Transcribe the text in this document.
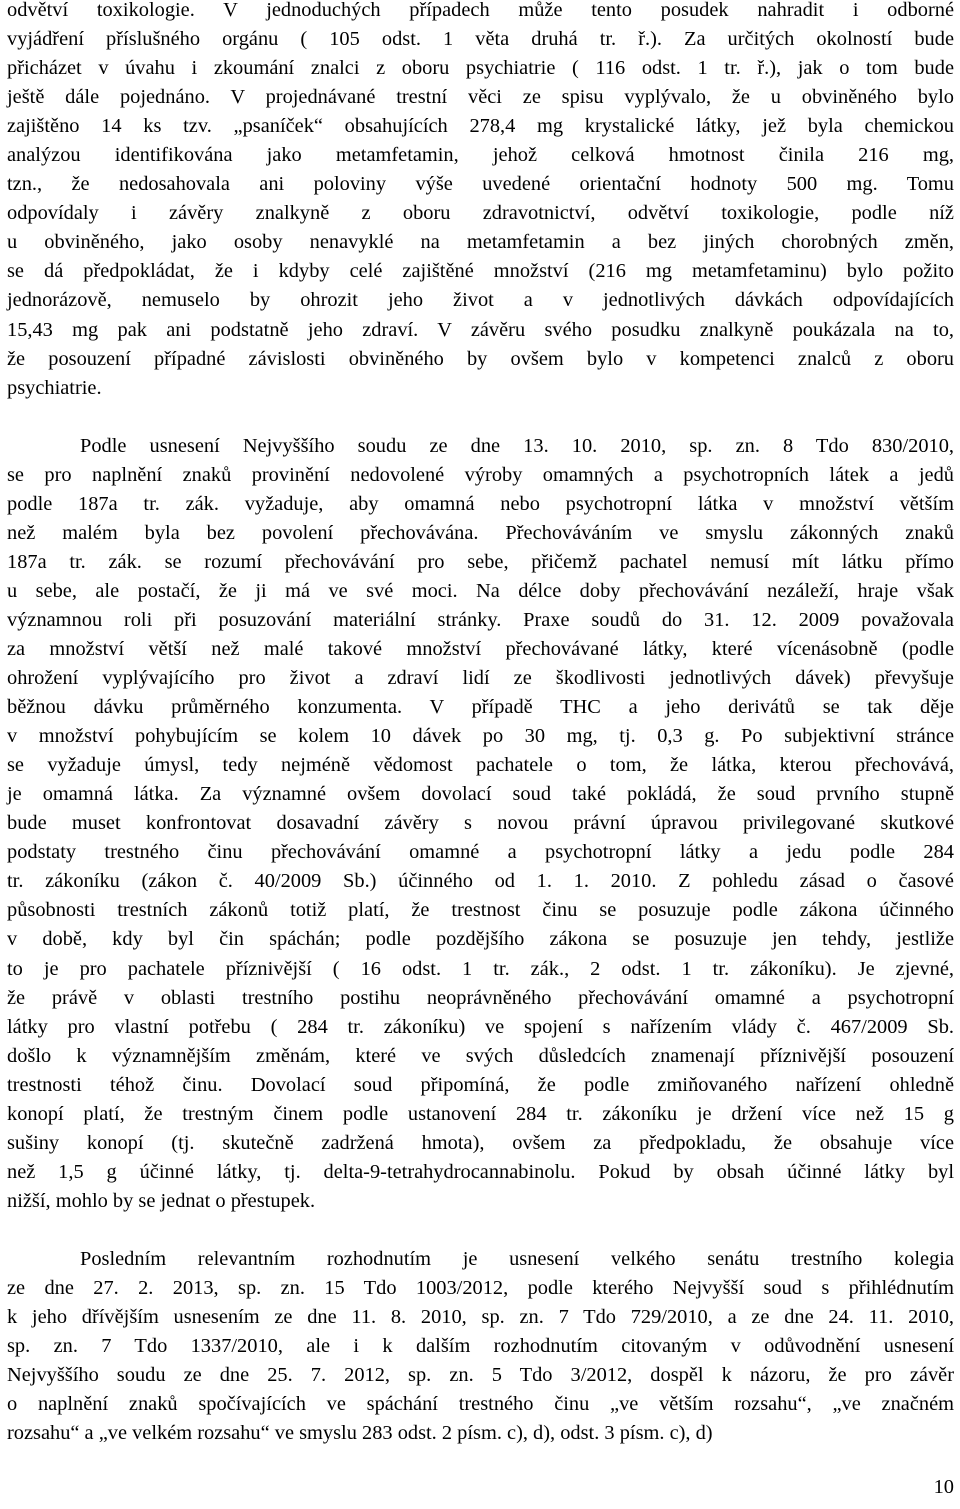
odvětví toxikologie. V jednoduchých případech může tento posudek nahradit i odborné
vyjádření příslušného orgánu ( 105 odst. 1 věta druhá tr. ř.). Za určitých okolností bude
přicházet v úvahu i zkoumání znalci z oboru psychiatrie ( 116 odst. 1 tr. ř.), jak o tom bude
ještě dále pojednáno. V projednávané trestní věci ze spisu vyplývalo, že u obviněného bylo
zajištěno 14 ks tzv. „psaníček“ obsahujících 278,4 mg krystalické látky, jež byla chemickou
analýzou identifikována jako metamfetamin, jehož celková hmotnost činila 216 mg,
tzn., že nedosahovala ani poloviny výše uvedené orientační hodnoty 500 mg. Tomu
odpovídaly i závěry znalkyně z oboru zdravotnictví, odvětví toxikologie, podle níž
u obviněného, jako osoby nenavyklé na metamfetamin a bez jiných chorobných změn,
se dá předpokládat, že i kdyby celé zajištěné množství (216 mg metamfetaminu) bylo požito
jednorázově, nemuselo by ohrozit jeho život a v jednotlivých dávkách odpovídajících
15,43 mg pak ani podstatně jeho zdraví. V závěru svého posudku znalkyně poukázala na to,
že posouzení případné závislosti obviněného by ovšem bylo v kompetenci znalců z oboru
psychiatrie.
Podle usnesení Nejvyššího soudu ze dne 13. 10. 2010, sp. zn. 8 Tdo 830/2010,
se pro naplnění znaků provinění nedovolené výroby omamných a psychotropních látek a jedů
podle 187a tr. zák. vyžaduje, aby omamná nebo psychotropní látka v množství větším
než malém byla bez povolení přechovávána. Přechováváním ve smyslu zákonných znaků
187a tr. zák. se rozumí přechovávání pro sebe, přičemž pachatel nemusí mít látku přímo
u sebe, ale postačí, že ji má ve své moci. Na délce doby přechovávání nezáleží, hraje však
významnou roli při posuzování materiální stránky. Praxe soudů do 31. 12. 2009 považovala
za množství větší než malé takové množství přechovávané látky, které vícenásobně (podle
ohrožení vyplývajícího pro život a zdraví lidí ze škodlivosti jednotlivých dávek) převyšuje
běžnou dávku průměrného konzumenta. V případě THC a jeho derivátů se tak děje
v množství pohybujícím se kolem 10 dávek po 30 mg, tj. 0,3 g. Po subjektivní stránce
se vyžaduje úmysl, tedy nejméně vědomost pachatele o tom, že látka, kterou přechovává,
je omamná látka. Za významné ovšem dovolací soud také pokládá, že soud prvního stupně
bude muset konfrontovat dosavadní závěry s novou právní úpravou privilegované skutkové
podstaty trestného činu přechovávání omamné a psychotropní látky a jedu podle 284
tr. zákoníku (zákon č. 40/2009 Sb.) účinného od 1. 1. 2010. Z pohledu zásad o časové
působnosti trestních zákonů totiž platí, že trestnost činu se posuzuje podle zákona účinného
v době, kdy byl čin spáchán; podle pozdějšího zákona se posuzuje jen tehdy, jestliže
to je pro pachatele příznivější ( 16 odst. 1 tr. zák., 2 odst. 1 tr. zákoníku). Je zjevné,
že právě v oblasti trestního postihu neoprávněného přechovávání omamné a psychotropní
látky pro vlastní potřebu ( 284 tr. zákoníku) ve spojení s nařízením vlády č. 467/2009 Sb.
došlo k významnějším změnám, které ve svých důsledcích znamenají příznivější posouzení
trestnosti téhož činu. Dovolací soud připomíná, že podle zmiňovaného nařízení ohledně
konopí platí, že trestným činem podle ustanovení 284 tr. zákoníku je držení více než 15 g
sušiny konopí (tj. skutečně zadržená hmota), ovšem za předpokladu, že obsahuje více
než 1,5 g účinné látky, tj. delta-9-tetrahydrocannabinolu. Pokud by obsah účinné látky byl
nižší, mohlo by se jednat o přestupek.
Posledním relevantním rozhodnutím je usnesení velkého senátu trestního kolegia
ze dne 27. 2. 2013, sp. zn. 15 Tdo 1003/2012, podle kterého Nejvyšší soud s přihlédnutím
k jeho dřívějším usnesením ze dne 11. 8. 2010, sp. zn. 7 Tdo 729/2010, a ze dne 24. 11. 2010,
sp. zn. 7 Tdo 1337/2010, ale i k dalším rozhodnutím citovaným v odůvodnění usnesení
Nejvyššího soudu ze dne 25. 7. 2012, sp. zn. 5 Tdo 3/2012, dospěl k názoru, že pro závěr
o naplnění znaků spočívajících ve spáchání trestného činu „ve větším rozsahu“, „ve značném
rozsahu“ a „ve velkém rozsahu“ ve smyslu 283 odst. 2 písm. c), d), odst. 3 písm. c), d)
10
